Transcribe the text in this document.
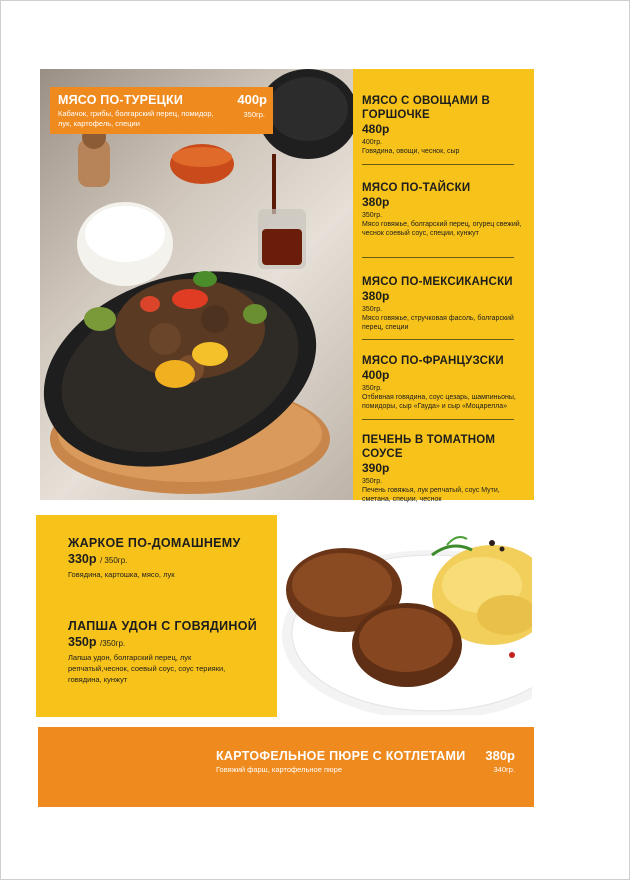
МЯСО ПО-ТУРЕЦКИ	400р
Кабачок, грибы, болгарский перец, помидор, лук, картофель, специи
350гр.
МЯСО С ОВОЩАМИ В ГОРШОЧКЕ
480р
400гр.
Говядина, овощи, чеснок, сыр
МЯСО ПО-ТАЙСКИ
380р
350гр.
Мясо говяжье, болгарский перец, огурец свежий, чеснок соевый соус, специи, кунжут
МЯСО ПО-МЕКСИКАНСКИ
380р
350гр.
Мясо говяжье, стручковая фасоль, болгарский перец, специи
МЯСО ПО-ФРАНЦУЗСКИ
400р
350гр.
Отбивная говядина, соус цезарь, шампиньоны, помидоры, сыр «Гауда» и сыр «Моцарелла»
ПЕЧЕНЬ В ТОМАТНОМ СОУСЕ
390р
350гр.
Печень говяжья, лук репчатый, соус Мути, сметана, специи, чеснок
ЖАРКОЕ ПО-ДОМАШНЕМУ
330р / 350гр.
Говядина, картошка, мясо, лук
ЛАПША УДОН С ГОВЯДИНОЙ
350р /350гр.
Лапша удон, болгарский перец, лук репчатый,чеснок, соевый соус, соус терияки, говядина, кунжут
КАРТОФЕЛЬНОЕ ПЮРЕ С КОТЛЕТАМИ 380р
Говяжий фарш, картофельное пюре	340гр.
